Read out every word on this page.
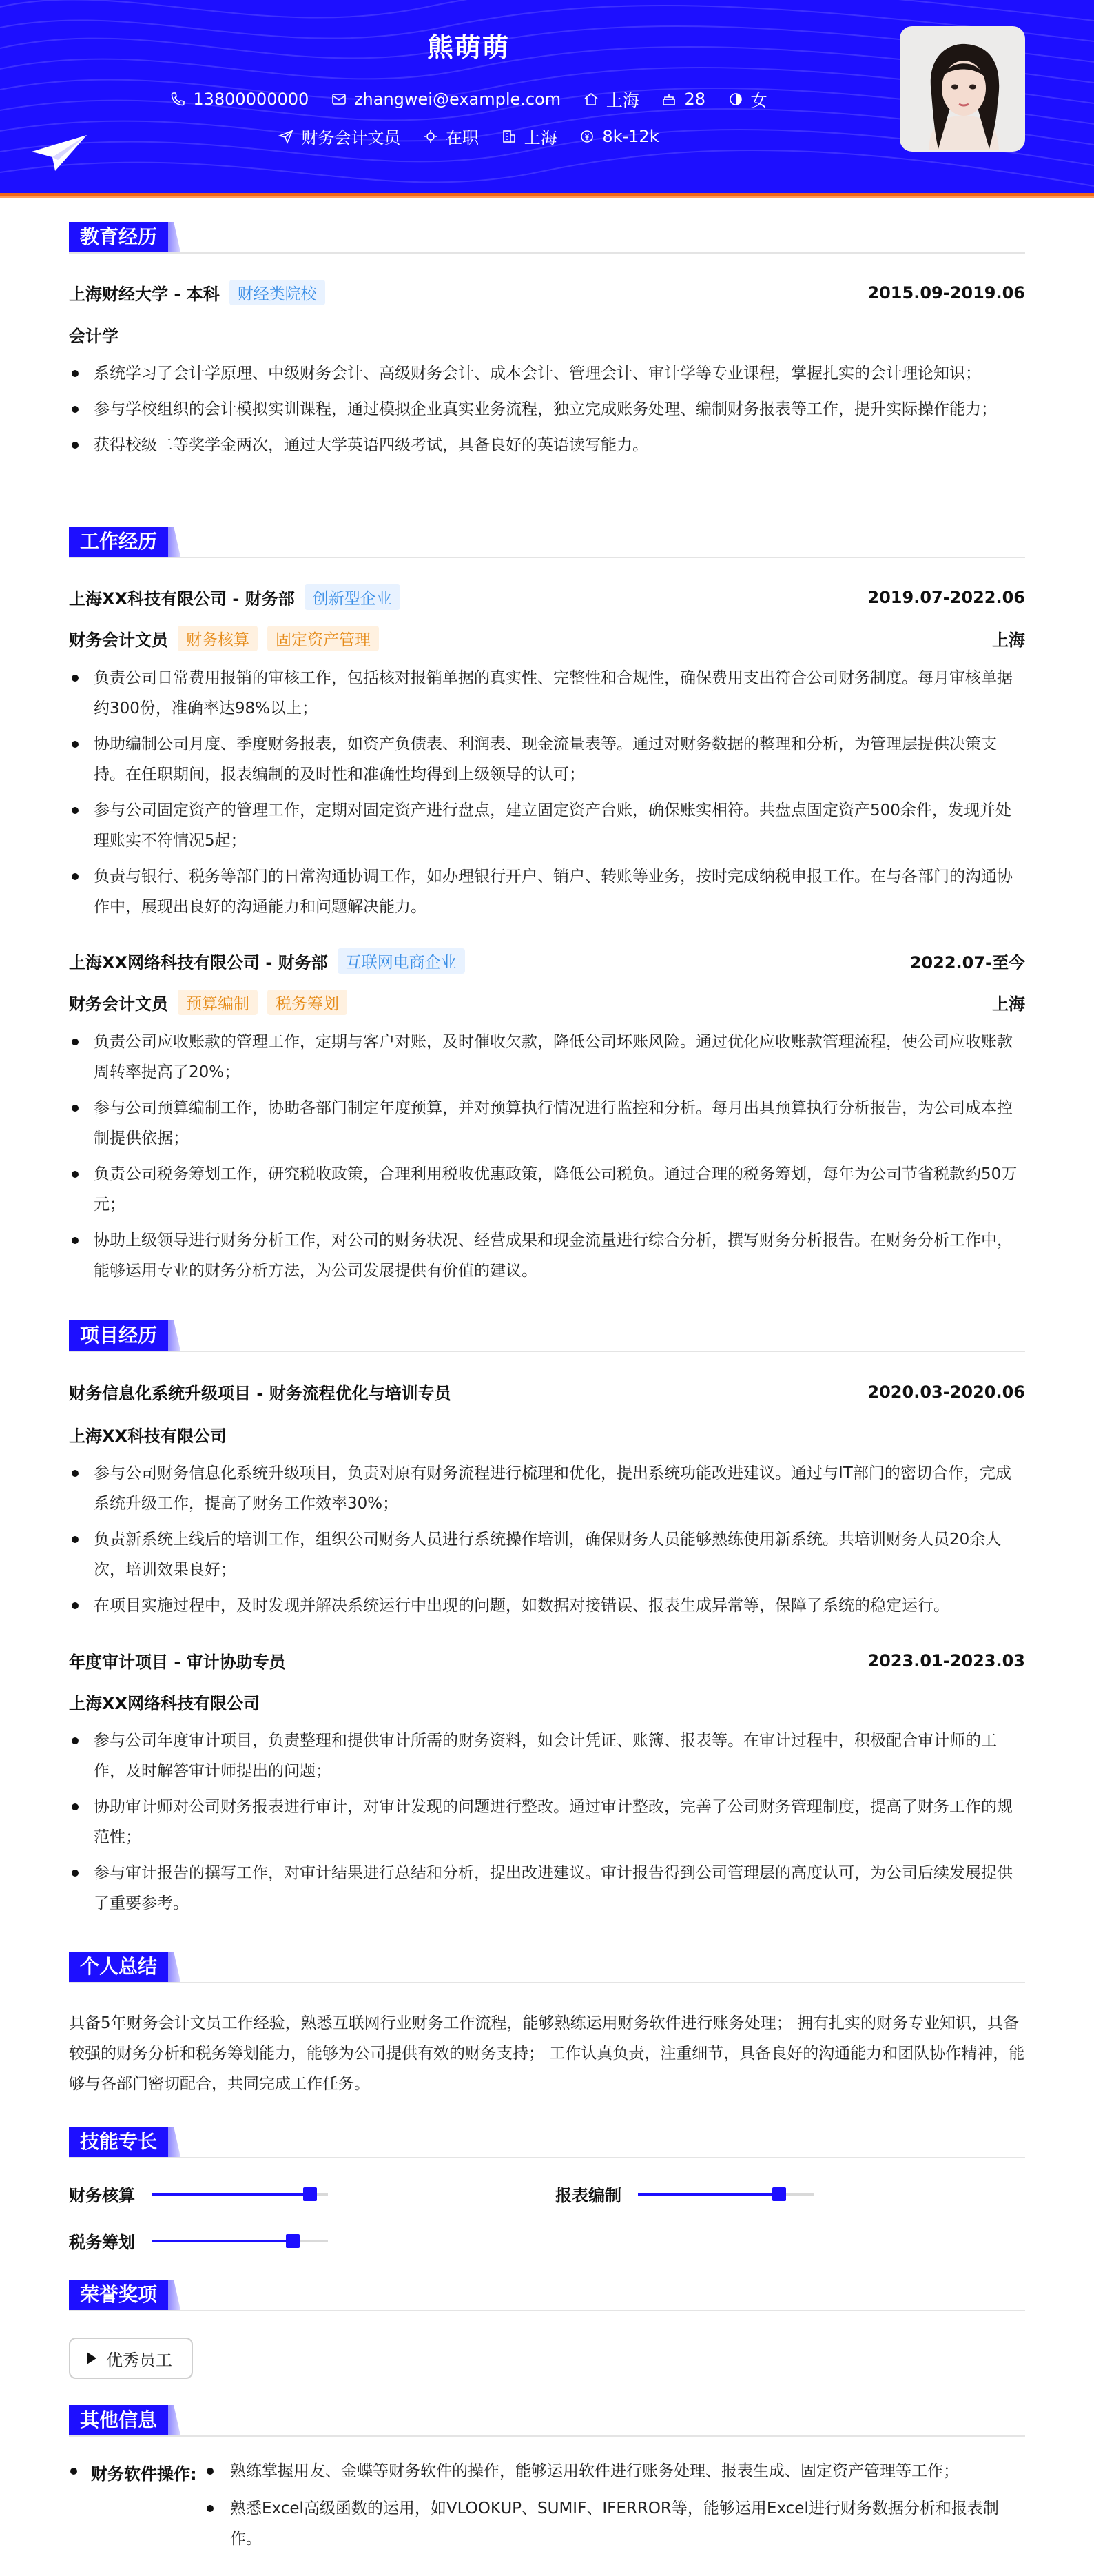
熊萌萌
13800000000
	zhangwei@example.com
	上海
	28
	女
财务会计文员
	在职
	上海
	8k-12k
教育经历
上海财经大学 - 本科	财经类院校	2015.09-2019.06
会计学
系统学习了会计学原理、中级财务会计、高级财务会计、成本会计、管理会计、审计学等专业课程，掌握扎实的会计理论知识；
参与学校组织的会计模拟实训课程，通过模拟企业真实业务流程，独立完成账务处理、编制财务报表等工作，提升实际操作能力；
获得校级二等奖学金两次，通过大学英语四级考试，具备良好的英语读写能力。
工作经历
上海XX科技有限公司 - 财务部	创新型企业	2019.07-2022.06
财务会计文员	财务核算	固定资产管理	上海
负责公司日常费用报销的审核工作，包括核对报销单据的真实性、完整性和合规性，确保费用支出符合公司财务制度。每月审核单据约300份，准确率达98%以上；
协助编制公司月度、季度财务报表，如资产负债表、利润表、现金流量表等。通过对财务数据的整理和分析，为管理层提供决策支持。在任职期间，报表编制的及时性和准确性均得到上级领导的认可；
参与公司固定资产的管理工作，定期对固定资产进行盘点，建立固定资产台账，确保账实相符。共盘点固定资产500余件，发现并处理账实不符情况5起；
负责与银行、税务等部门的日常沟通协调工作，如办理银行开户、销户、转账等业务，按时完成纳税申报工作。在与各部门的沟通协作中，展现出良好的沟通能力和问题解决能力。
上海XX网络科技有限公司 - 财务部	互联网电商企业	2022.07-至今
财务会计文员	预算编制	税务筹划	上海
负责公司应收账款的管理工作，定期与客户对账，及时催收欠款，降低公司坏账风险。通过优化应收账款管理流程，使公司应收账款周转率提高了20%；
参与公司预算编制工作，协助各部门制定年度预算，并对预算执行情况进行监控和分析。每月出具预算执行分析报告，为公司成本控制提供依据；
负责公司税务筹划工作，研究税收政策，合理利用税收优惠政策，降低公司税负。通过合理的税务筹划，每年为公司节省税款约50万元；
协助上级领导进行财务分析工作，对公司的财务状况、经营成果和现金流量进行综合分析，撰写财务分析报告。在财务分析工作中，能够运用专业的财务分析方法，为公司发展提供有价值的建议。
项目经历
财务信息化系统升级项目 - 财务流程优化与培训专员	2020.03-2020.06
上海XX科技有限公司
参与公司财务信息化系统升级项目，负责对原有财务流程进行梳理和优化，提出系统功能改进建议。通过与IT部门的密切合作，完成系统升级工作，提高了财务工作效率30%；
负责新系统上线后的培训工作，组织公司财务人员进行系统操作培训，确保财务人员能够熟练使用新系统。共培训财务人员20余人次，培训效果良好；
在项目实施过程中，及时发现并解决系统运行中出现的问题，如数据对接错误、报表生成异常等，保障了系统的稳定运行。
年度审计项目 - 审计协助专员	2023.01-2023.03
上海XX网络科技有限公司
参与公司年度审计项目，负责整理和提供审计所需的财务资料，如会计凭证、账簿、报表等。在审计过程中，积极配合审计师的工作，及时解答审计师提出的问题；
协助审计师对公司财务报表进行审计，对审计发现的问题进行整改。通过审计整改，完善了公司财务管理制度，提高了财务工作的规范性；
参与审计报告的撰写工作，对审计结果进行总结和分析，提出改进建议。审计报告得到公司管理层的高度认可，为公司后续发展提供了重要参考。
个人总结
具备5年财务会计文员工作经验，熟悉互联网行业财务工作流程，能够熟练运用财务软件进行账务处理； 拥有扎实的财务专业知识，具备较强的财务分析和税务筹划能力，能够为公司提供有效的财务支持； 工作认真负责，注重细节，具备良好的沟通能力和团队协作精神，能够与各部门密切配合，共同完成工作任务。
技能专长
财务核算	报表编制
税务筹划
荣誉奖项
优秀员工
其他信息
财务软件操作:	熟练掌握用友、金蝶等财务软件的操作，能够运用软件进行账务处理、报表生成、固定资产管理等工作；
熟悉Excel高级函数的运用，如VLOOKUP、SUMIF、IFERROR等，能够运用Excel进行财务数据分析和报表制作。
